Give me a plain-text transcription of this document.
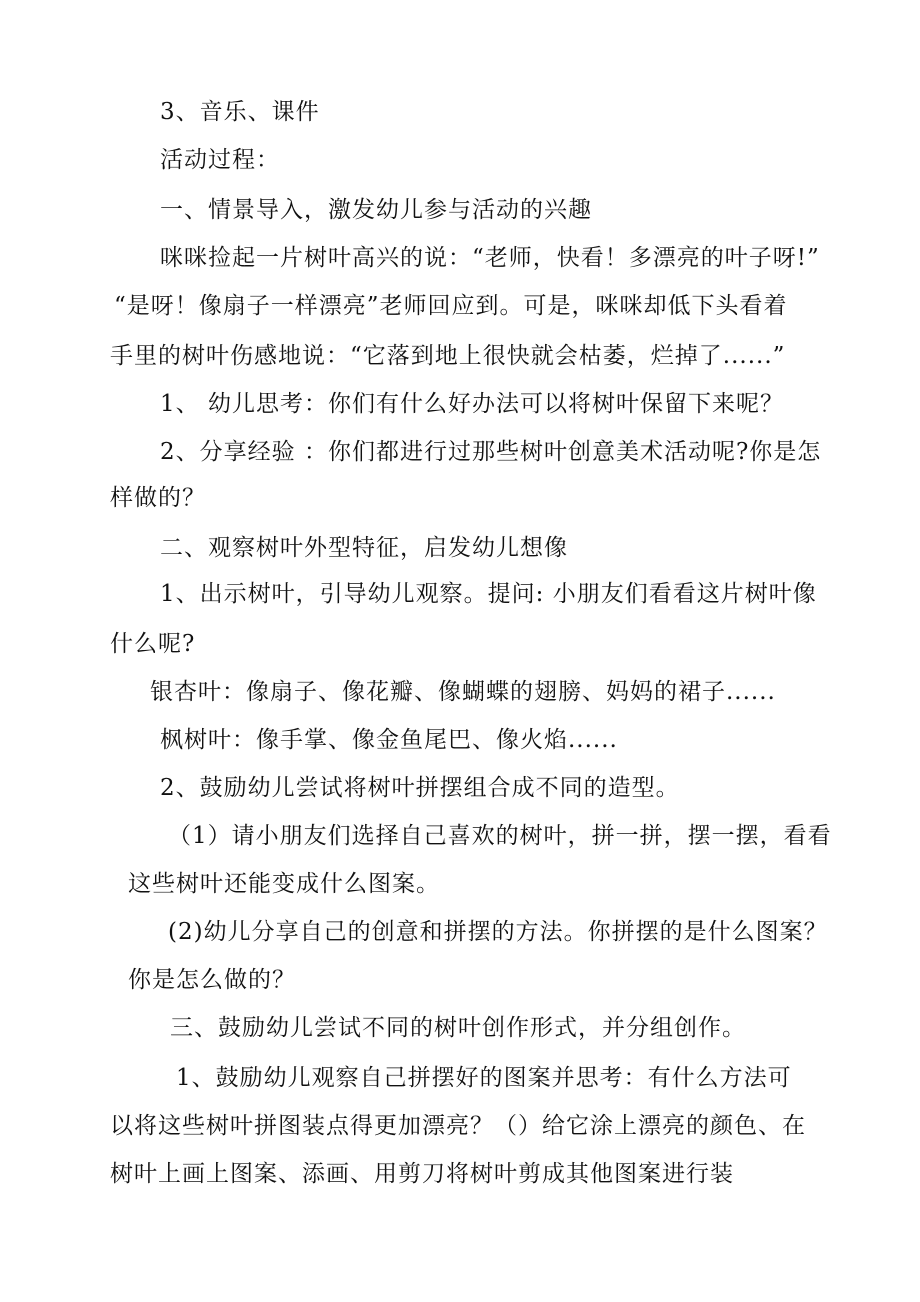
3、音乐、课件
活动过程：
一、情景导入，激发幼儿参与活动的兴趣
咪咪捡起一片树叶高兴的说：“老师，快看！多漂亮的叶子呀!”
“是呀！像扇子一样漂亮”老师回应到。可是，咪咪却低下头看着
手里的树叶伤感地说：“它落到地上很快就会枯萎，烂掉了......”
1、 幼儿思考：你们有什么好办法可以将树叶保留下来呢？
2、分享经验 ：你们都进行过那些树叶创意美术活动呢?你是怎
样做的？
二、观察树叶外型特征，启发幼儿想像
1、出示树叶，引导幼儿观察。提问: 小朋友们看看这片树叶像
什么呢?
银杏叶：像扇子、像花瓣、像蝴蝶的翅膀、妈妈的裙子......
枫树叶：像手掌、像金鱼尾巴、像火焰......
2、鼓励幼儿尝试将树叶拼摆组合成不同的造型。
（1）请小朋友们选择自己喜欢的树叶，拼一拼，摆一摆，看看
这些树叶还能变成什么图案。
(2)幼儿分享自己的创意和拼摆的方法。你拼摆的是什么图案？
你是怎么做的？
三、鼓励幼儿尝试不同的树叶创作形式，并分组创作。
1、鼓励幼儿观察自己拼摆好的图案并思考：有什么方法可
以将这些树叶拼图装点得更加漂亮？（）给它涂上漂亮的颜色、在
树叶上画上图案、添画、用剪刀将树叶剪成其他图案进行装
